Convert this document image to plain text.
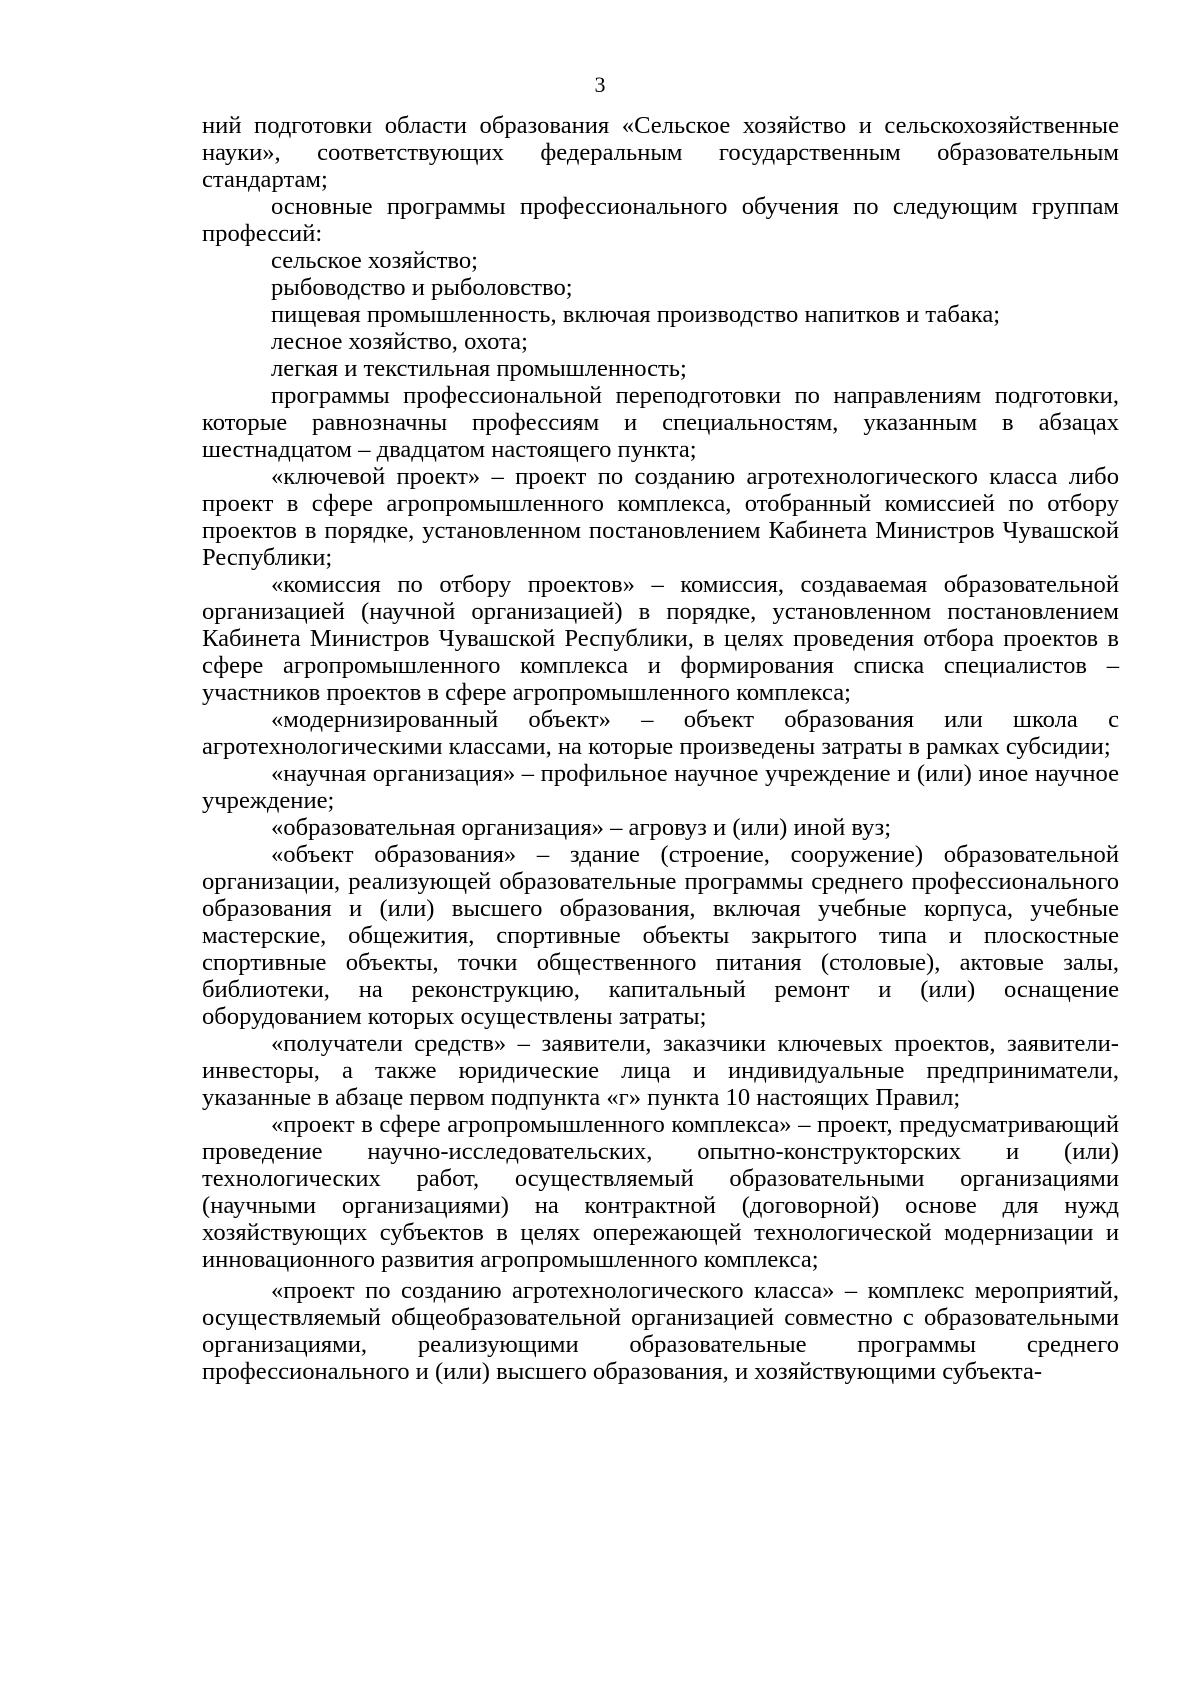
3

ний подготовки области образования «Сельское хозяйство и сельскохозяйственные науки», соответствующих федеральным государственным образовательным стандартам;

основные программы профессионального обучения по следующим группам профессий:

сельское хозяйство;

рыбоводство и рыболовство;

пищевая промышленность, включая производство напитков и табака;

лесное хозяйство, охота;

легкая и текстильная промышленность;

программы профессиональной переподготовки по направлениям подготовки, которые равнозначны профессиям и специальностям, указанным в абзацах шестнадцатом – двадцатом настоящего пункта;

«ключевой проект» – проект по созданию агротехнологического класса либо проект в сфере агропромышленного комплекса, отобранный комиссией по отбору проектов в порядке, установленном постановлением Кабинета Министров Чувашской Республики;

«комиссия по отбору проектов» – комиссия, создаваемая образовательной организацией (научной организацией) в порядке, установленном постановлением Кабинета Министров Чувашской Республики, в целях проведения отбора проектов в сфере агропромышленного комплекса и формирования списка специалистов – участников проектов в сфере агропромышленного комплекса;

«модернизированный объект» – объект образования или школа с агротехнологическими классами, на которые произведены затраты в рамках субсидии;

«научная организация» – профильное научное учреждение и (или) иное научное учреждение;

«образовательная организация» – агровуз и (или) иной вуз;

«объект образования» – здание (строение, сооружение) образовательной организации, реализующей образовательные программы среднего профессионального образования и (или) высшего образования, включая учебные корпуса, учебные мастерские, общежития, спортивные объекты закрытого типа и плоскостные спортивные объекты, точки общественного питания (столовые), актовые залы, библиотеки, на реконструкцию, капитальный ремонт и (или) оснащение оборудованием которых осуществлены затраты;

«получатели средств» – заявители, заказчики ключевых проектов, заявители-инвесторы, а также юридические лица и индивидуальные предприниматели, указанные в абзаце первом подпункта «г» пункта 10 настоящих Правил;

«проект в сфере агропромышленного комплекса» – проект, предусматривающий проведение научно-исследовательских, опытно-конструкторских и (или) технологических работ, осуществляемый образовательными организациями (научными организациями) на контрактной (договорной) основе для нужд хозяйствующих субъектов в целях опережающей технологической модернизации и инновационного развития агропромышленного комплекса;

«проект по созданию агротехнологического класса» – комплекс мероприятий, осуществляемый общеобразовательной организацией совместно с образовательными организациями, реализующими образовательные программы среднего профессионального и (или) высшего образования, и хозяйствующими субъекта-
